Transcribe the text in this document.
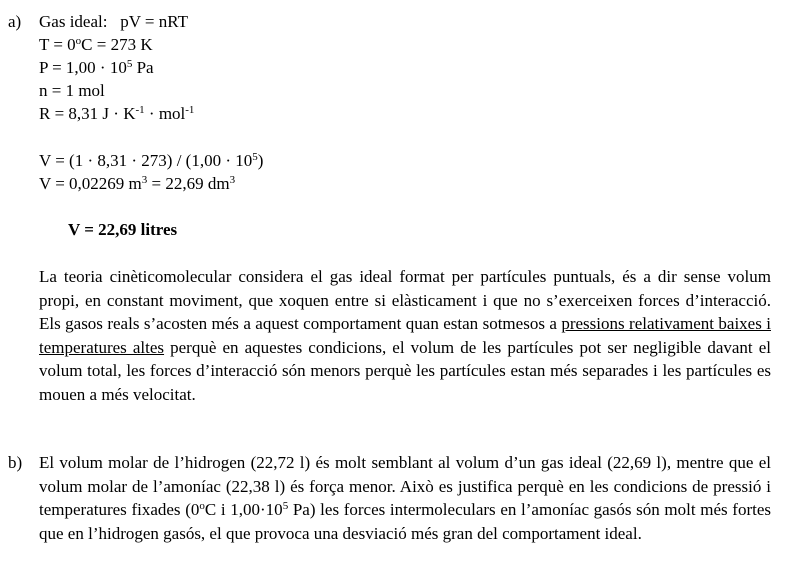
a) Gas ideal: pV = nRT
$T = 0^oC = 273$ K
$P = 1,00 \cdot 10^5$ Pa
n = 1 mol
R = 8,31 $J \cdot K^{-1} \cdot mol^{-1}$
$V = (1 \cdot 8,31 \cdot 273) / (1,00 \cdot 10^5)$
V = 0,02269 $m^3 = 22,69$ $dm^3$
V = 22,69 litres
La teoria cinèticomolecular considera el gas ideal format per partícules puntuals, és a dir sense volum propi, en constant moviment, que xoquen entre si elàsticament i que no s’exerceixen forces d’interacció. Els gasos reals s’acosten més a aquest comportament quan estan sotmesos a pressions relativament baixes i temperatures altes perquè en aquestes condicions, el volum de les partícules pot ser negligible davant el volum total, les forces d’interacció són menors perquè les partícules estan més separades i les partícules es mouen a més velocitat.
b) El volum molar de l’hidrogen (22,72 l) és molt semblant al volum d’un gas ideal (22,69 l), mentre que el volum molar de l’amoníac (22,38 l) és força menor. Això es justifica perquè en les condicions de pressió i temperatures fixades (0$^o$C i $1,00\cdot 10^5$ Pa) les forces intermoleculars en l’amoníac gasós són molt més fortes que en l’hidrogen gasós, el que provoca una desviació més gran del comportament ideal.
